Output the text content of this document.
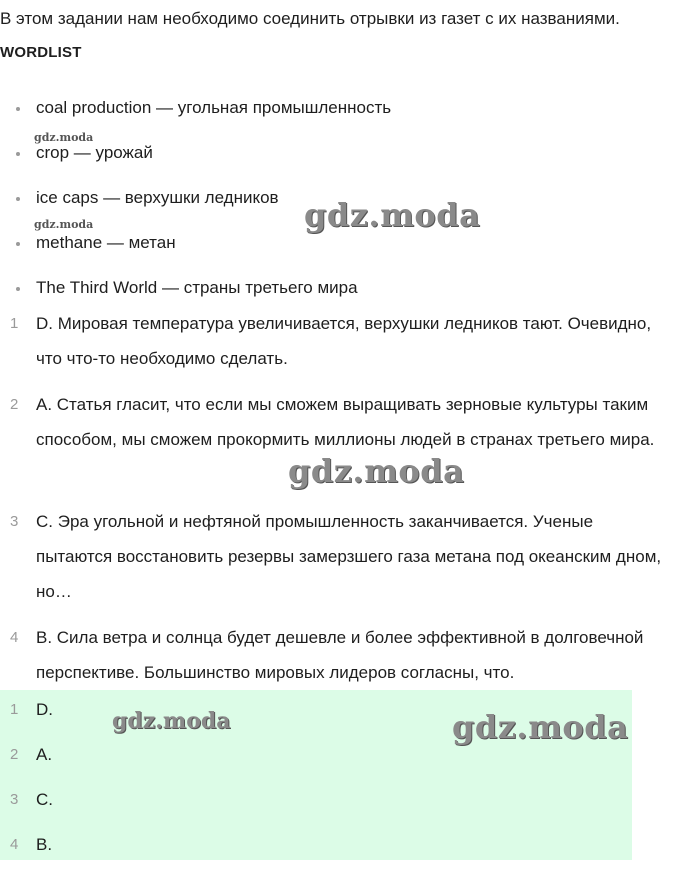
В этом задании нам необходимо соединить отрывки из газет с их названиями.
WORDLIST
coal production — угольная промышленность
crop — урожай
ice caps — верхушки ледников
methane — метан
The Third World — страны третьего мира
1	D. Мировая температура увеличивается, верхушки ледников тают. Очевидно, что что-то необходимо сделать.
2	A. Статья гласит, что если мы сможем выращивать зерновые культуры таким способом, мы сможем прокормить миллионы людей в странах третьего мира.
3	C. Эра угольной и нефтяной промышленность заканчивается. Ученые пытаются восстановить резервы замерзшего газа метана под океанским дном, но…
4	B. Сила ветра и солнца будет дешевле и более эффективной в долговечной перспективе. Большинство мировых лидеров согласны, что.
1	D.
2	A.
3	C.
4	B.
gdz.moda
gdz.moda	gdz.moda
gdz.moda
gdz.moda	gdz.moda
